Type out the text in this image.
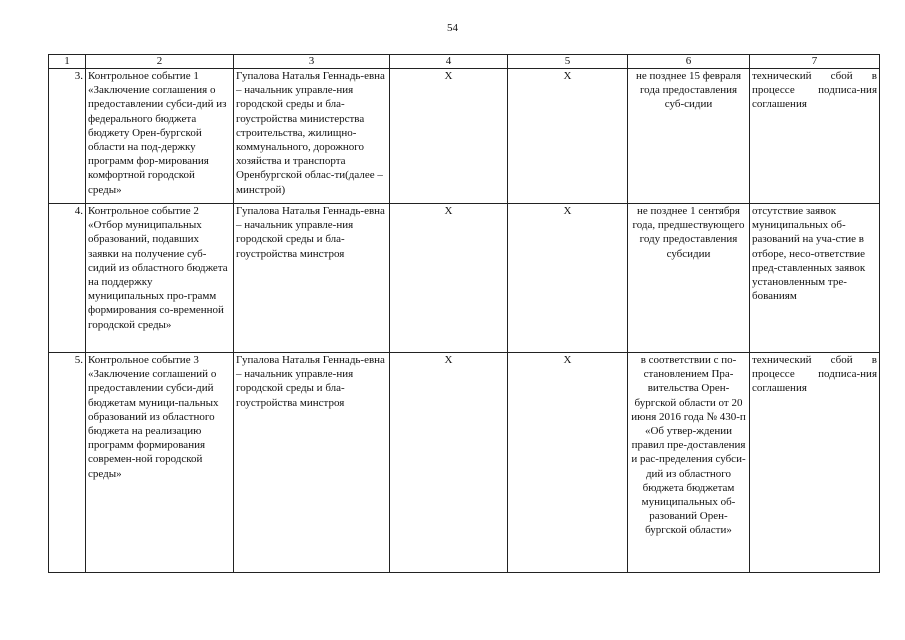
54
1	2	3	4	5	6	7
3.	Контрольное событие 1 «Заключение соглашения о предоставлении субси-дий из федерального бюджета бюджету Орен-бургской области на под-держку программ фор-мирования комфортной городской среды»	Гупалова Наталья Геннадь-евна – начальник управле-ния городской среды и бла-гоустройства министерства строительства, жилищно-коммунального, дорожного хозяйства и транспорта Оренбургской облас-ти(далее – минстрой)	X	X	не позднее 15 февраля года предоставления суб-сидии	технический сбой в процессе подписа-ния соглашения
4.	Контрольное событие 2 «Отбор муниципальных образований, подавших заявки на получение суб-сидий из областного бюджета на поддержку муниципальных про-грамм формирования со-временной городской среды»	Гупалова Наталья Геннадь-евна – начальник управле-ния городской среды и бла-гоустройства минстроя	X	X	не позднее 1 сентября года, предшествующего году предоставления субсидии	отсутствие заявок муниципальных об-разований на уча-стие в отборе, несо-ответствие пред-ставленных заявок установленным тре-бованиям
5.	Контрольное событие 3 «Заключение соглашений о предоставлении субси-дий бюджетам муници-пальных образований из областного бюджета на реализацию программ формирования современ-ной городской среды»	Гупалова Наталья Геннадь-евна – начальник управле-ния городской среды и бла-гоустройства минстроя	X	X	в соответствии с по-становлением Пра-вительства Орен-бургской области от 20 июня 2016 года № 430-п «Об утвер-ждении правил пре-доставления и рас-пределения субси-дий из областного бюджета бюджетам муниципальных об-разований Орен-бургской области»	технический сбой в процессе подписа-ния соглашения
